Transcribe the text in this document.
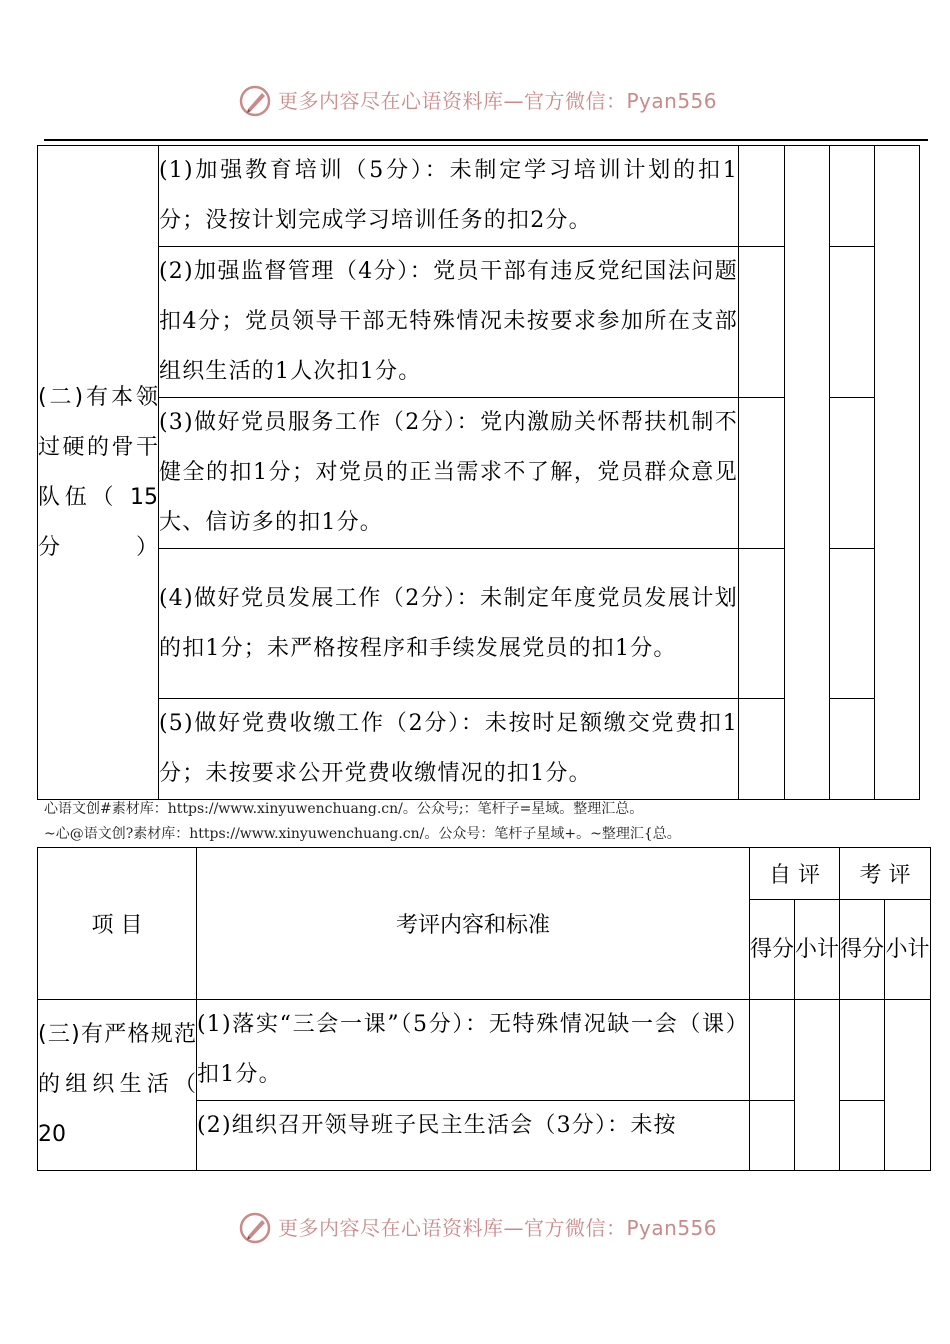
更多内容尽在心语资料库—官方微信：Pyan556
(二)有本领过硬的骨干队伍（ 15分）	(1)加强教育培训（5分）：未制定学习培训计划的扣1分；没按计划完成学习培训任务的扣2分。				
	(2)加强监督管理（4分）：党员干部有违反党纪国法问题扣4分；党员领导干部无特殊情况未按要求参加所在支部组织生活的1人次扣1分。				
	(3)做好党员服务工作（2分）：党内激励关怀帮扶机制不健全的扣1分；对党员的正当需求不了解，党员群众意见大、信访多的扣1分。				
	(4)做好党员发展工作（2分）：未制定年度党员发展计划的扣1分；未严格按程序和手续发展党员的扣1分。				
	(5)做好党费收缴工作（2分）：未按时足额缴交党费扣1分；未按要求公开党费收缴情况的扣1分。				
心语文创#素材库：https://www.xinyuwenchuang.cn/。公众号;：笔杆子=星域。整理汇总。
~心@语文创?素材库：https://www.xinyuwenchuang.cn/。公众号：笔杆子星域+。~整理汇{总。
项 目	考评内容和标准	自 评		考 评	
		得分	小计	得分	小计
(三)有严格规范的组织生活（ 20	(1)落实“三会一课”（5分）：无特殊情况缺一会（课）扣1分。				
	(2)组织召开领导班子民主生活会（3分）：未按				
更多内容尽在心语资料库—官方微信：Pyan556
